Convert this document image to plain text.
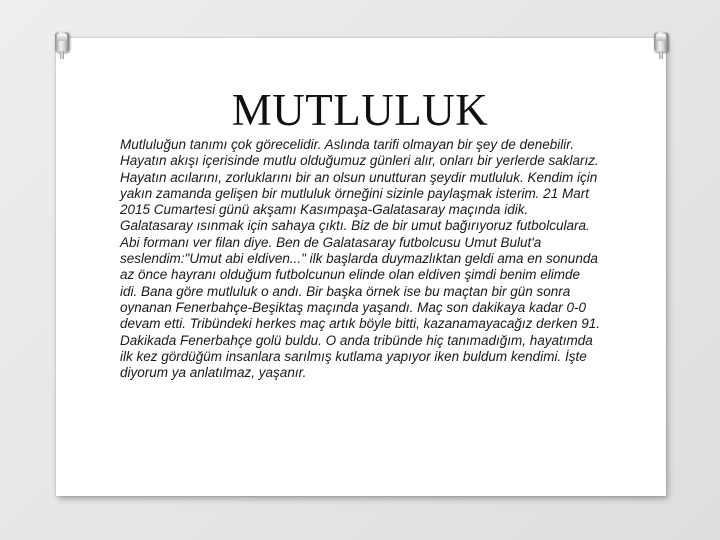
MUTLULUK

Mutluluğun tanımı çok görecelidir. Aslında tarifi olmayan bir şey de denebilir. Hayatın akışı içerisinde mutlu olduğumuz günleri alır, onları bir yerlerde saklarız. Hayatın acılarını, zorluklarını bir an olsun unutturan şeydir mutluluk. Kendim için yakın zamanda gelişen bir mutluluk örneğini sizinle paylaşmak isterim. 21 Mart 2015 Cumartesi günü akşamı Kasımpaşa-Galatasaray maçında idik. Galatasaray ısınmak için sahaya çıktı. Biz de bir umut bağırıyoruz futbolculara. Abi formanı ver filan diye. Ben de Galatasaray futbolcusu Umut Bulut'a seslendim:"Umut abi eldiven..." ilk başlarda duymazlıktan geldi ama en sonunda az önce hayranı olduğum futbolcunun elinde olan eldiven şimdi benim elimde idi. Bana göre mutluluk o andı. Bir başka örnek ise bu maçtan bir gün sonra oynanan Fenerbahçe-Beşiktaş maçında yaşandı. Maç son dakikaya kadar 0-0 devam etti. Tribündeki herkes maç artık böyle bitti, kazanamayacağız derken 91. Dakikada Fenerbahçe golü buldu. O anda tribünde hiç tanımadığım, hayatımda ilk kez gördüğüm insanlara sarılmış kutlama yapıyor iken buldum kendimi. İşte diyorum ya anlatılmaz, yaşanır.
